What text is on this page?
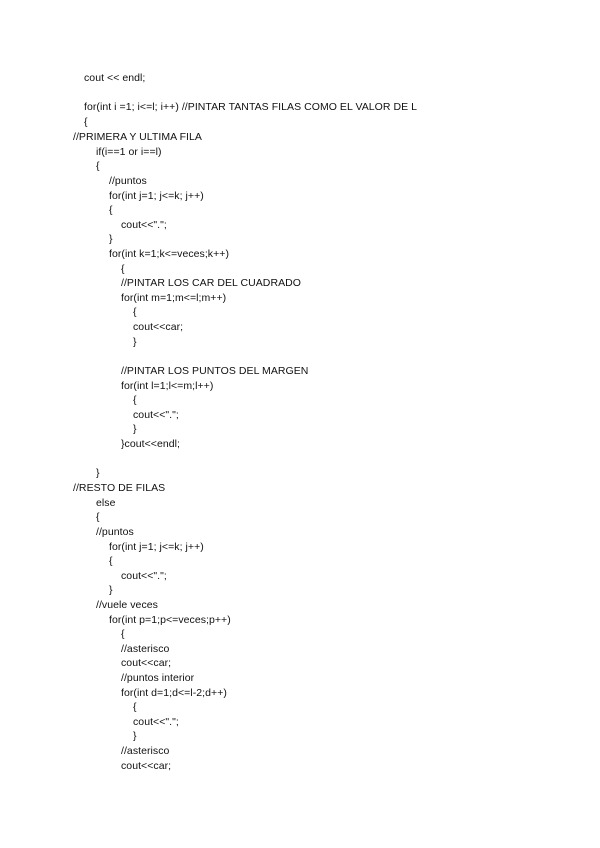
cout << endl;
for(int i =1; i<=l; i++) //PINTAR TANTAS FILAS COMO EL VALOR DE L
{
//PRIMERA Y ULTIMA FILA
if(i==1 or i==l)
{
//puntos
for(int j=1; j<=k; j++)
{
cout<<".";
}
for(int k=1;k<=veces;k++)
{
//PINTAR LOS CAR DEL CUADRADO
for(int m=1;m<=l;m++)
{
cout<<car;
}
//PINTAR LOS PUNTOS DEL MARGEN
for(int l=1;l<=m;l++)
{
cout<<".";
}
}cout<<endl;
}
//RESTO DE FILAS
else
{
//puntos
for(int j=1; j<=k; j++)
{
cout<<".";
}
//vuele veces
for(int p=1;p<=veces;p++)
{
//asterisco
cout<<car;
//puntos interior
for(int d=1;d<=l-2;d++)
{
cout<<".";
}
//asterisco
cout<<car;
